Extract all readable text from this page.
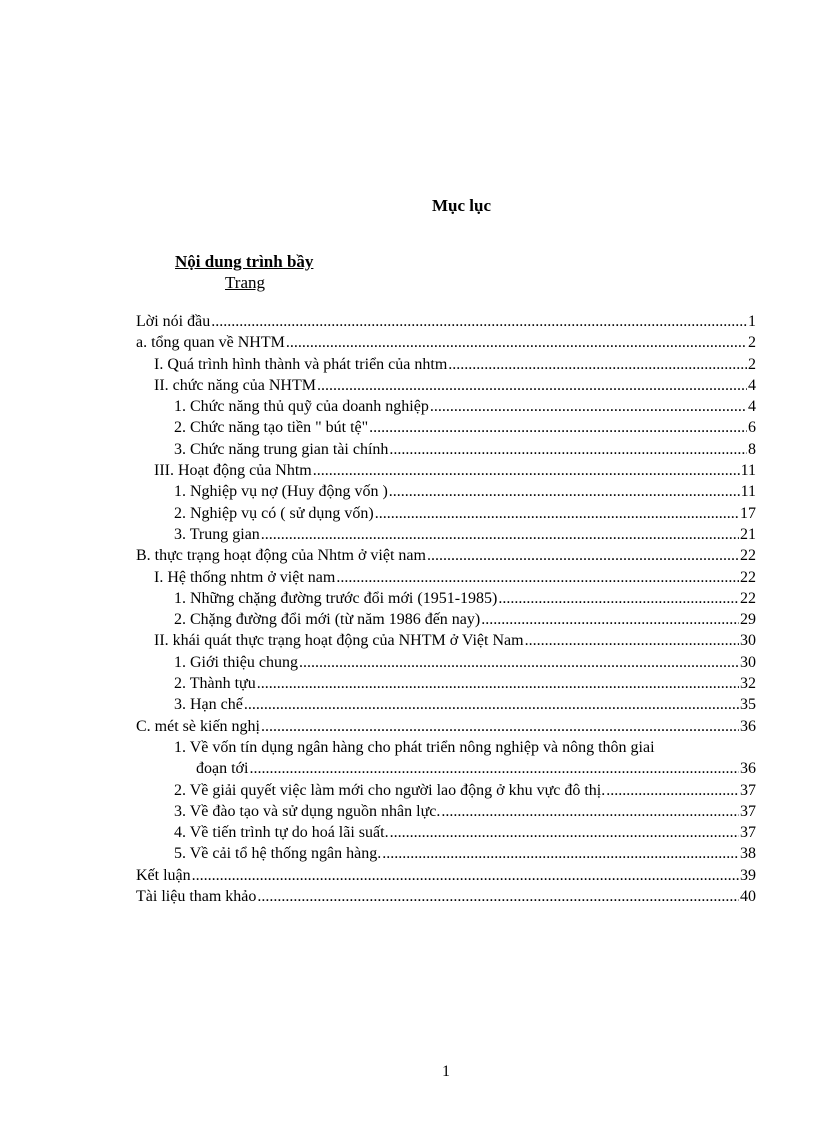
Mục lục
Nội dung trình bầy
Trang
Lời nói đầu .....	1
a. tổng quan về NHTM .....	2
I. Quá trình hình thành và phát triển của nhtm .....	2
II. chức năng của NHTM .....	4
1. Chức năng thủ quỹ của doanh nghiệp .....	4
2. Chức năng tạo tiền " bút tệ" .....	6
3. Chức năng trung gian tài chính .....	8
III. Hoạt động của Nhtm .....	11
1. Nghiệp vụ nợ (Huy động vốn ) .....	11
2. Nghiệp vụ có ( sử dụng vốn) .....	17
3. Trung gian .....	21
B. thực trạng hoạt động của Nhtm ở việt nam .....	22
I. Hệ thống nhtm ở việt nam .....	22
1. Những chặng đường trước đổi mới (1951-1985) .....	22
2. Chặng đường đổi mới (từ năm 1986 đến nay) .....	29
II. khái quát thực trạng hoạt động của NHTM ở Việt Nam .....	30
1. Giới thiệu chung .....	30
2. Thành tựu .....	32
3. Hạn chế .....	35
C. mét sè kiến nghị .....	36
1. Về vốn tín dụng ngân hàng cho phát triển nông nghiệp và nông thôn giai
đoạn tới .....	36
2. Về giải quyết việc làm mới cho người lao động ở khu vực đô thị. .....	37
3. Về đào tạo và sử dụng nguồn nhân lực. .....	37
4. Về tiến trình tự do hoá lãi suất. .....	37
5. Về cải tổ hệ thống ngân hàng. .....	38
Kết luận .....	39
Tài liệu tham khảo .....	40
1
